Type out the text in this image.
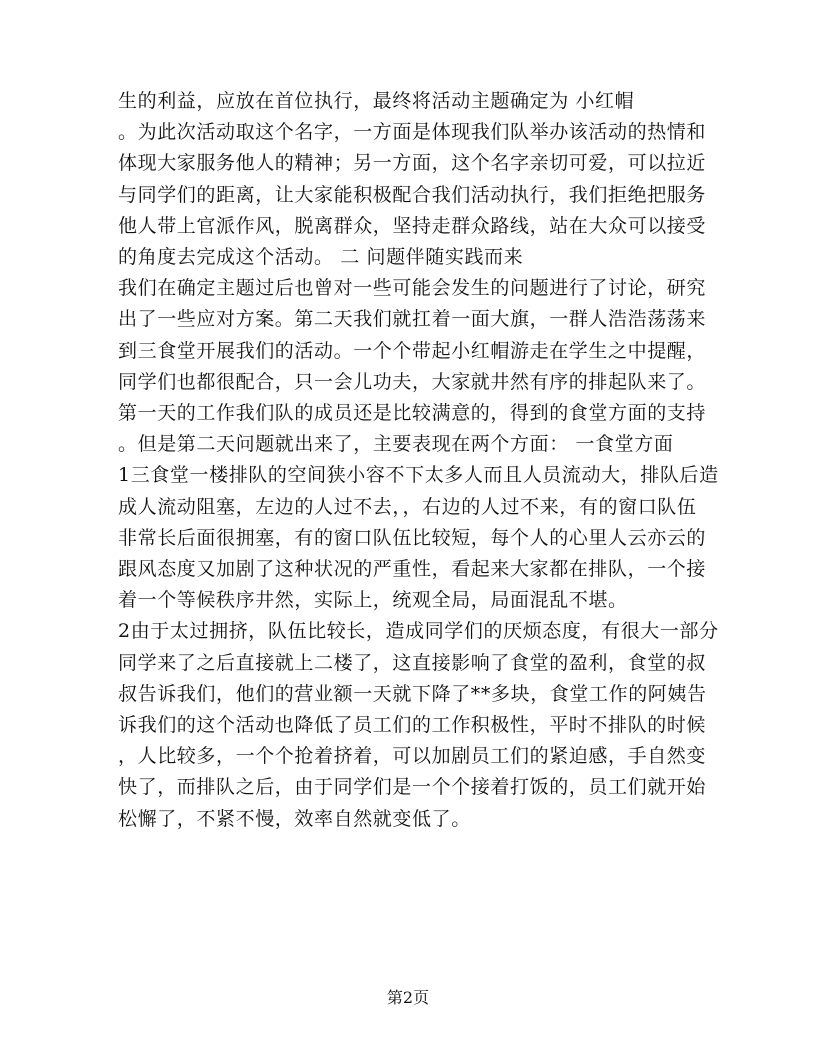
生的利益，应放在首位执行，最终将活动主题确定为 小红帽
。为此次活动取这个名字，一方面是体现我们队举办该活动的热情和
体现大家服务他人的精神；另一方面，这个名字亲切可爱，可以拉近
与同学们的距离，让大家能积极配合我们活动执行，我们拒绝把服务
他人带上官派作风，脱离群众，坚持走群众路线，站在大众可以接受
的角度去完成这个活动。 二 问题伴随实践而来
我们在确定主题过后也曾对一些可能会发生的问题进行了讨论，研究
出了一些应对方案。第二天我们就扛着一面大旗，一群人浩浩荡荡来
到三食堂开展我们的活动。一个个带起小红帽游走在学生之中提醒，
同学们也都很配合，只一会儿功夫，大家就井然有序的排起队来了。
第一天的工作我们队的成员还是比较满意的，得到的食堂方面的支持
。但是第二天问题就出来了，主要表现在两个方面： 一食堂方面
1三食堂一楼排队的空间狭小容不下太多人而且人员流动大，排队后造
成人流动阻塞，左边的人过不去，，右边的人过不来，有的窗口队伍
非常长后面很拥塞，有的窗口队伍比较短，每个人的心里人云亦云的
跟风态度又加剧了这种状况的严重性，看起来大家都在排队，一个接
着一个等候秩序井然，实际上，统观全局，局面混乱不堪。
2由于太过拥挤，队伍比较长，造成同学们的厌烦态度，有很大一部分
同学来了之后直接就上二楼了，这直接影响了食堂的盈利，食堂的叔
叔告诉我们，他们的营业额一天就下降了**多块，食堂工作的阿姨告
诉我们的这个活动也降低了员工们的工作积极性，平时不排队的时候
，人比较多，一个个抢着挤着，可以加剧员工们的紧迫感，手自然变
快了，而排队之后，由于同学们是一个个接着打饭的，员工们就开始
松懈了，不紧不慢，效率自然就变低了。
第2页
